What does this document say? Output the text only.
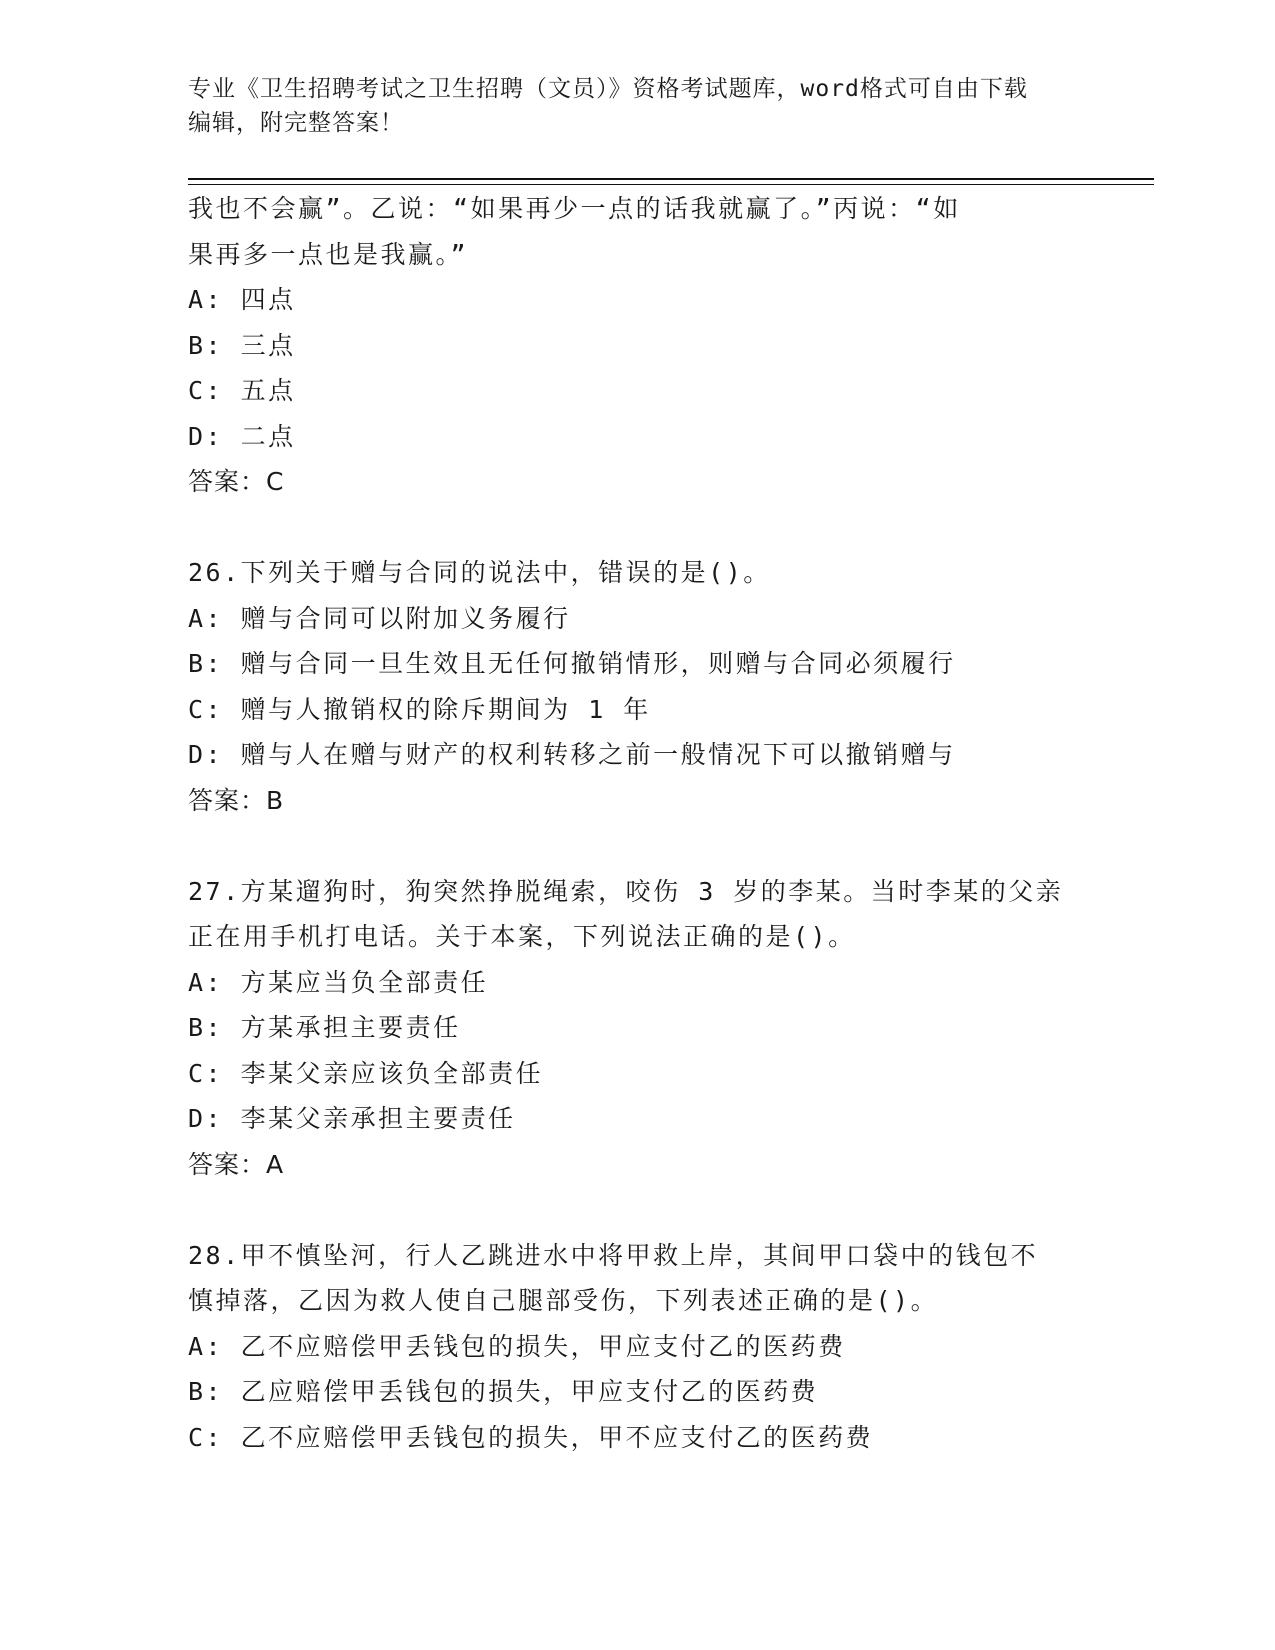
专业《卫生招聘考试之卫生招聘（文员）》资格考试题库，word格式可自由下载
编辑，附完整答案！
我也不会赢”。乙说：“如果再少一点的话我就赢了。”丙说：“如
果再多一点也是我赢。”
A: 四点
B: 三点
C: 五点
D: 二点
答案：C
26.下列关于赠与合同的说法中，错误的是()。
A: 赠与合同可以附加义务履行
B: 赠与合同一旦生效且无任何撤销情形，则赠与合同必须履行
C: 赠与人撤销权的除斥期间为 1 年
D: 赠与人在赠与财产的权利转移之前一般情况下可以撤销赠与
答案：B
27.方某遛狗时，狗突然挣脱绳索，咬伤 3 岁的李某。当时李某的父亲
正在用手机打电话。关于本案，下列说法正确的是()。
A: 方某应当负全部责任
B: 方某承担主要责任
C: 李某父亲应该负全部责任
D: 李某父亲承担主要责任
答案：A
28.甲不慎坠河，行人乙跳进水中将甲救上岸，其间甲口袋中的钱包不
慎掉落，乙因为救人使自己腿部受伤，下列表述正确的是()。
A: 乙不应赔偿甲丢钱包的损失，甲应支付乙的医药费
B: 乙应赔偿甲丢钱包的损失，甲应支付乙的医药费
C: 乙不应赔偿甲丢钱包的损失，甲不应支付乙的医药费
